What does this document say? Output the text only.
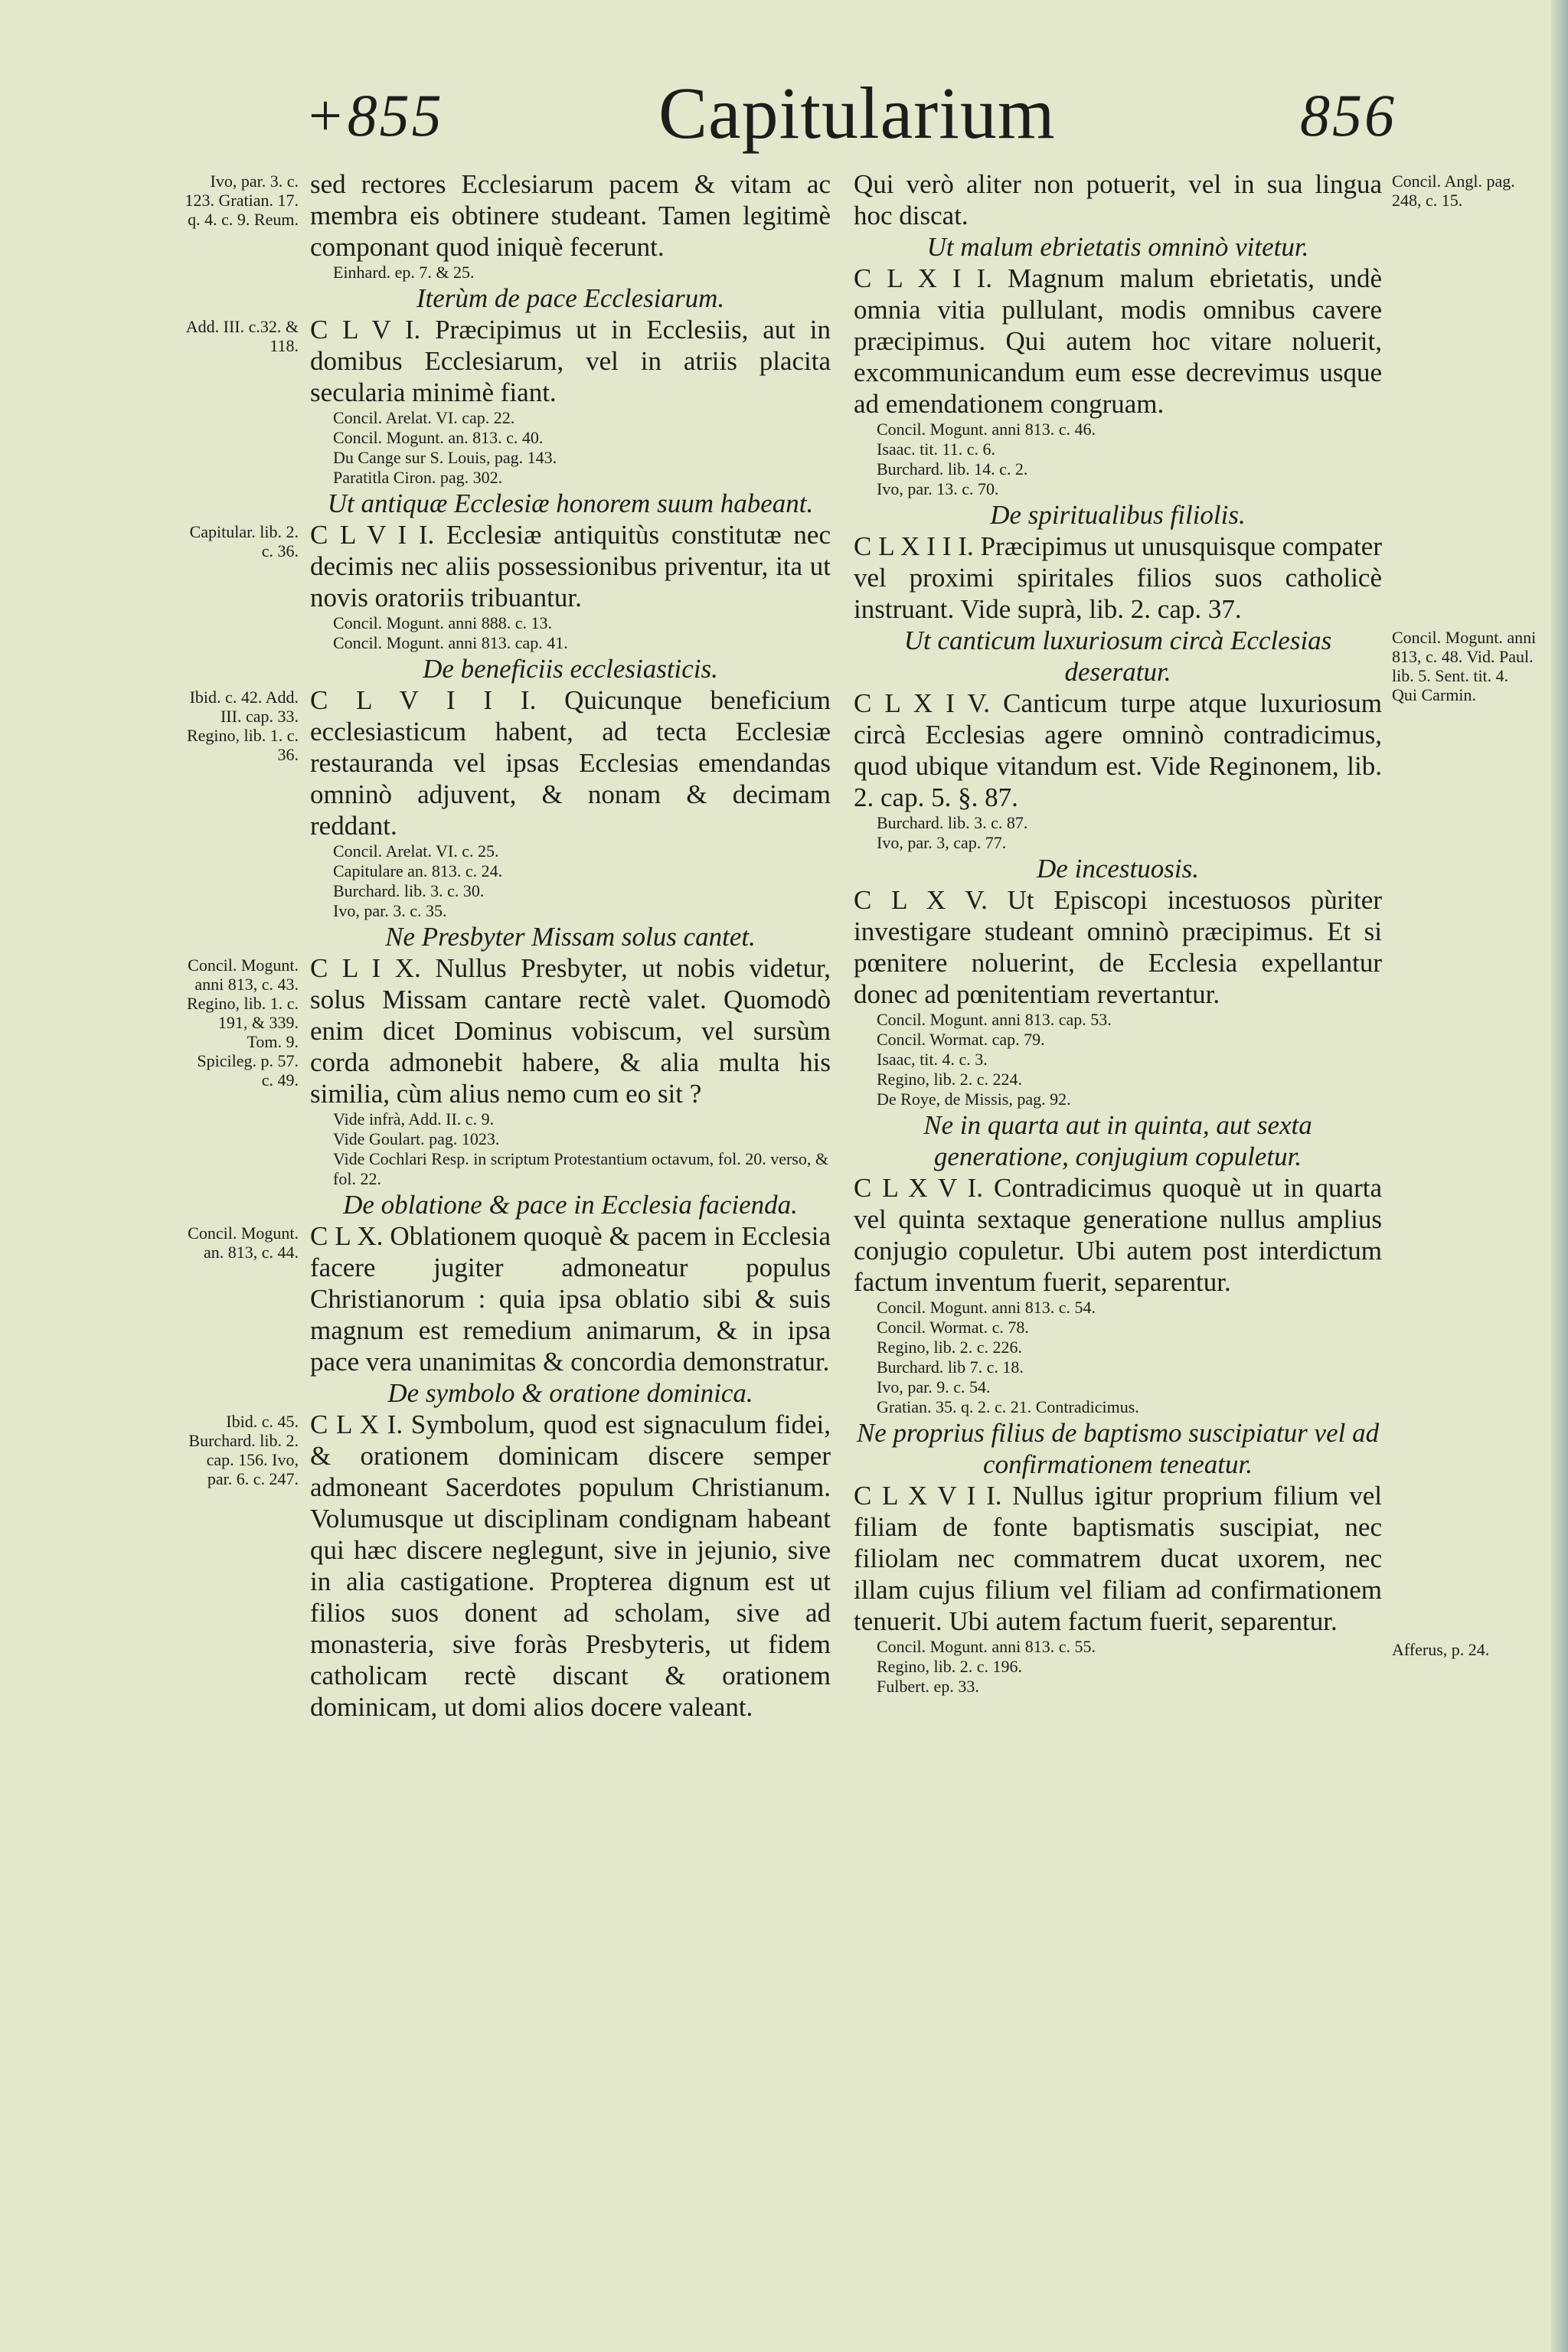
+855	Capitularium	856

sed rectores Ecclesiarum pacem & vitam ac membra eis obtinere studeant. Tamen legitimè componant quod iniquè fecerunt.

Einhard. ep. 7. & 25.

Iterùm de pace Ecclesiarum.

C L V I. Præcipimus ut in Ecclesiis, aut in domibus Ecclesiarum, vel in atriis placita secularia minimè fiant.

Concil. Arelat. VI. cap. 22.

Concil. Mogunt. an. 813. c. 40.

Du Cange sur S. Louis, pag. 143.

Paratitla Ciron. pag. 302.

Ut antiquæ Ecclesiæ honorem suum habeant.

C L V I I. Ecclesiæ antiquitùs constitutæ nec decimis nec aliis possessionibus priventur, ita ut novis oratoriis tribuantur.

Concil. Mogunt. anni 888. c. 13.

Concil. Mogunt. anni 813. cap. 41.

De beneficiis ecclesiasticis.

C L V I I I. Quicunque beneficium ecclesiasticum habent, ad tecta Ecclesiæ restauranda vel ipsas Ecclesias emendandas omninò adjuvent, & nonam & decimam reddant.

Concil. Arelat. VI. c. 25.

Capitulare an. 813. c. 24.

Burchard. lib. 3. c. 30.

Ivo, par. 3. c. 35.

Ne Presbyter Missam solus cantet.

C L I X. Nullus Presbyter, ut nobis videtur, solus Missam cantare rectè valet. Quomodò enim dicet Dominus vobiscum, vel sursùm corda admonebit habere, & alia multa his similia, cùm alius nemo cum eo sit ?

Vide infrà, Add. II. c. 9.

Vide Goulart. pag. 1023.

Vide Cochlari Resp. in scriptum Protestantium octavum, fol. 20. verso, & fol. 22.

De oblatione & pace in Ecclesia facienda.

C L X. Oblationem quoquè & pacem in Ecclesia facere jugiter admoneatur populus Christianorum : quia ipsa oblatio sibi & suis magnum est remedium animarum, & in ipsa pace vera unanimitas & concordia demonstratur.

De symbolo & oratione dominica.

C L X I. Symbolum, quod est signaculum fidei, & orationem dominicam discere semper admoneant Sacerdotes populum Christianum. Volumusque ut disciplinam condignam habeant qui hæc discere neglegunt, sive in jejunio, sive in alia castigatione. Propterea dignum est ut filios suos donent ad scholam, sive ad monasteria, sive foràs Presbyteris, ut fidem catholicam rectè discant & orationem dominicam, ut domi alios docere valeant.

Qui verò aliter non potuerit, vel in sua lingua hoc discat.

Ut malum ebrietatis omninò vitetur.

C L X I I. Magnum malum ebrietatis, undè omnia vitia pullulant, modis omnibus cavere præcipimus. Qui autem hoc vitare noluerit, excommunicandum eum esse decrevimus usque ad emendationem congruam.

Concil. Mogunt. anni 813. c. 46.

Isaac. tit. 11. c. 6.

Burchard. lib. 14. c. 2.

Ivo, par. 13. c. 70.

De spiritualibus filiolis.

C L X I I I. Præcipimus ut unusquisque compater vel proximi spiritales filios suos catholicè instruant. Vide suprà, lib. 2. cap. 37.

Ut canticum luxuriosum circà Ecclesias deseratur.

C L X I V. Canticum turpe atque luxuriosum circà Ecclesias agere omninò contradicimus, quod ubique vitandum est. Vide Reginonem, lib. 2. cap. 5. §. 87.

Burchard. lib. 3. c. 87.

Ivo, par. 3, cap. 77.

De incestuosis.

C L X V. Ut Episcopi incestuosos pùriter investigare studeant omninò præcipimus. Et si pœnitere noluerint, de Ecclesia expellantur donec ad pœnitentiam revertantur.

Concil. Mogunt. anni 813. cap. 53.

Concil. Wormat. cap. 79.

Isaac, tit. 4. c. 3.

Regino, lib. 2. c. 224.

De Roye, de Missis, pag. 92.

Ne in quarta aut in quinta, aut sexta generatione, conjugium copuletur.

C L X V I. Contradicimus quoquè ut in quarta vel quinta sextaque generatione nullus amplius conjugio copuletur. Ubi autem post interdictum factum inventum fuerit, separentur.

Concil. Mogunt. anni 813. c. 54.

Concil. Wormat. c. 78.

Regino, lib. 2. c. 226.

Burchard. lib 7. c. 18.

Ivo, par. 9. c. 54.

Gratian. 35. q. 2. c. 21. Contradicimus.

Ne proprius filius de baptismo suscipiatur vel ad confirmationem teneatur.

C L X V I I. Nullus igitur proprium filium vel filiam de fonte baptismatis suscipiat, nec filiolam nec commatrem ducat uxorem, nec illam cujus filium vel filiam ad confirmationem tenuerit. Ubi autem factum fuerit, separentur.

Concil. Mogunt. anni 813. c. 55.

Regino, lib. 2. c. 196.

Fulbert. ep. 33.

Ivo, par. 3. c. 123. Gratian. 17. q. 4. c. 9. Reum.
Add. III. c.32. & 118.
Capitular. lib. 2. c. 36.
Ibid. c. 42. Add. III. cap. 33. Regino, lib. 1. c. 36.
Concil. Mogunt. anni 813, c. 43. Regino, lib. 1. c. 191, & 339. Tom. 9. Spicileg. p. 57. c. 49.
Concil. Mogunt. an. 813, c. 44.
Ibid. c. 45. Burchard. lib. 2. cap. 156. Ivo, par. 6. c. 247.
Concil. Angl. pag. 248, c. 15.
Concil. Mogunt. anni 813, c. 48. Vid. Paul. lib. 5. Sent. tit. 4. Qui Carmin.
Afferus, p. 24.
